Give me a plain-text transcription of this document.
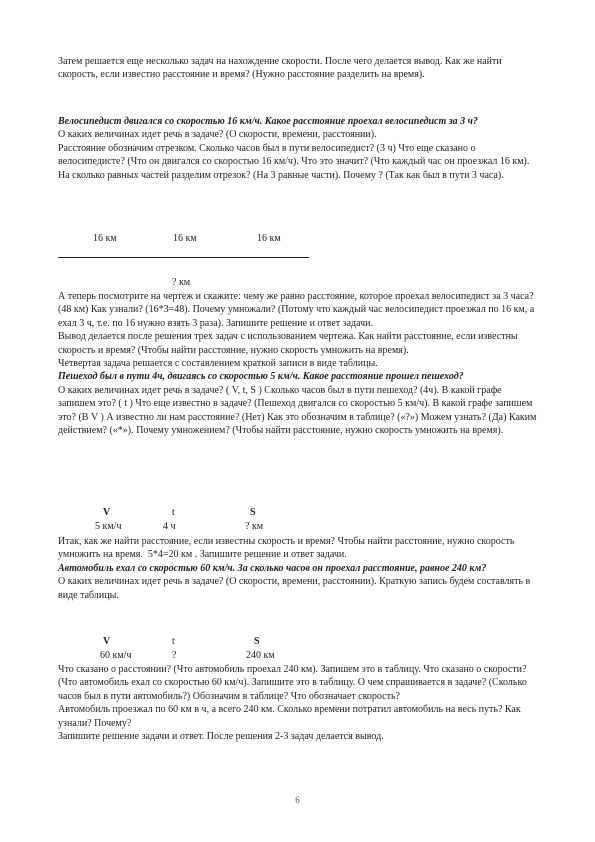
Затем решается еще несколько задач на нахождение скорости. После чего делается вывод. Как же найти скорость, если известно расстояние и время? (Нужно расстояние разделить на время).

Велосипедист двигался со скоростью 16 км/ч. Какое расстояние проехал велосипедист за 3 ч?

О каких величинах идет речь в задаче? (О скорости, времени, расстоянии).

Расстояние обозначим отрезком. Сколько часов был в пути велосипедист? (3 ч) Что еще сказано о велосипедисте? (Что он двигался со скоростью 16 км/ч). Что это значит? (Что каждый час он проезжал 16 км). На сколько равных частей разделим отрезок? (На 3 равные части). Почему ? (Так как был в пути 3 часа).

16 км	16 км	16 км
? км

А теперь посмотрите на чертеж и скажите: чему же равно расстояние, которое проехал велосипедист за 3 часа? (48 км) Как узнали? (16*3=48). Почему умножали? (Потому что каждый час велосипедист проезжал по 16 км, а ехал 3 ч, т.е. по 16 нужно взять 3 раза). Запишите решение и ответ задачи.

Вывод делается после решения трех задач с использованием чертежа. Как найти расстояние, если известны скорость и время? (Чтобы найти расстояние, нужно скорость умножить на время).

Четвертая задача решается с составлением краткой записи в виде таблицы.

Пешеход был в пути 4ч, двигаясь со скоростью 5 км/ч. Какое расстояние прошел пешеход?

О каких величинах идет речь в задаче? ( V, t, S ) Сколько часов был в пути пешеход? (4ч). В какой графе запишем это? ( t ) Что еще известно в задаче? (Пешеход двигался со скоростью 5 км/ч). В какой графе запишем это? (В V ) А известно ли нам расстояние? (Нет) Как это обозначим в таблице? («?») Можем узнать? (Да) Каким действием? («*»). Почему умножением? (Чтобы найти расстояние, нужно скорость умножить на время).

V	t	S
5 км/ч	4 ч	? км

Итак, как же найти расстояние, если известны скорость и время? Чтобы найти расстояние, нужно скорость умножить на время. 5*4=20 км . Запишите решение и ответ задачи.

Автомобиль ехал со скоростью 60 км/ч. За сколько часов он проехал расстояние, равное 240 км?

О каких величинах идет речь в задаче? (О скорости, времени, расстоянии). Краткую запись будем составлять в виде таблицы.

V	t	S
60 км/ч	?	240 км

Что сказано о расстоянии? (Что автомобиль проехал 240 км). Запишем это в таблицу. Что сказано о скорости? (Что автомобиль ехал со скоростью 60 км/ч). Запишите это в таблицу. О чем спрашивается в задаче? (Сколько часов был в пути автомобиль?) Обозначим в таблице? Что обозначает скорость?

Автомобиль проезжал по 60 км в ч, а всего 240 км. Сколько времени потратил автомобиль на весь путь? Как узнали? Почему?

Запишите решение задачи и ответ. После решения 2-3 задач делается вывод.

6
